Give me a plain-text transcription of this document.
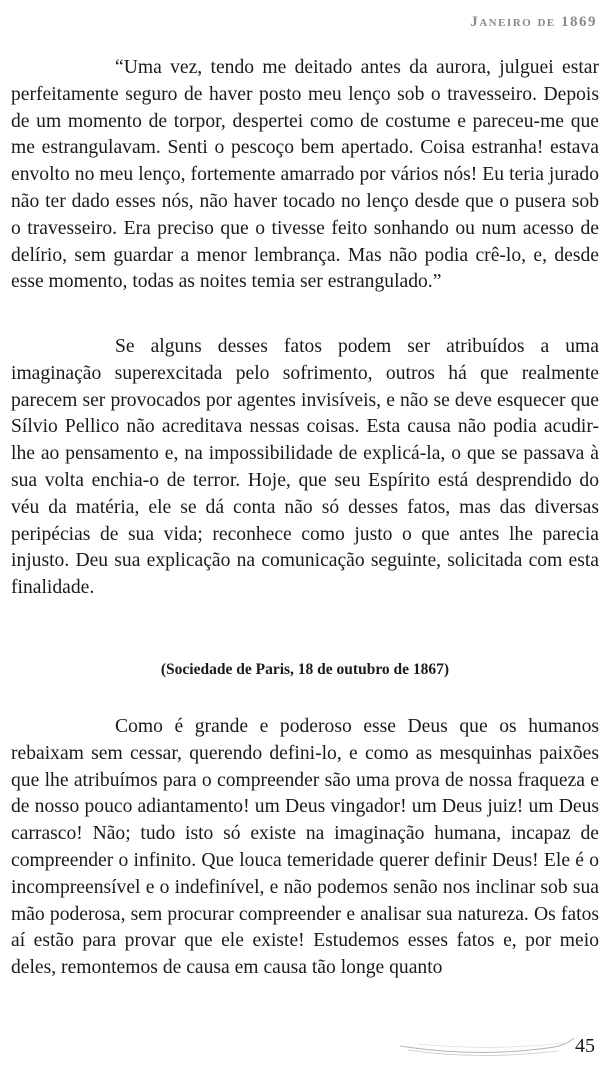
Janeiro de 1869

“Uma vez, tendo me deitado antes da aurora, julguei estar perfeitamente seguro de haver posto meu lenço sob o travesseiro. Depois de um momento de torpor, despertei como de costume e pareceu-me que me estrangulavam. Senti o pescoço bem apertado. Coisa estranha! estava envolto no meu lenço, fortemente amarrado por vários nós! Eu teria jurado não ter dado esses nós, não haver tocado no lenço desde que o pusera sob o travesseiro. Era preciso que o tivesse feito sonhando ou num acesso de delírio, sem guardar a menor lembrança. Mas não podia crê-lo, e, desde esse momento, todas as noites temia ser estrangulado.”

Se alguns desses fatos podem ser atribuídos a uma imaginação superexcitada pelo sofrimento, outros há que realmente parecem ser provocados por agentes invisíveis, e não se deve esquecer que Sílvio Pellico não acreditava nessas coisas. Esta causa não podia acudir-lhe ao pensamento e, na impossibilidade de explicá-la, o que se passava à sua volta enchia-o de terror. Hoje, que seu Espírito está desprendido do véu da matéria, ele se dá conta não só desses fatos, mas das diversas peripécias de sua vida; reconhece como justo o que antes lhe parecia injusto. Deu sua explicação na comunicação seguinte, solicitada com esta finalidade.

(Sociedade de Paris, 18 de outubro de 1867)

Como é grande e poderoso esse Deus que os humanos rebaixam sem cessar, querendo defini-lo, e como as mesquinhas paixões que lhe atribuímos para o compreender são uma prova de nossa fraqueza e de nosso pouco adiantamento! um Deus vingador! um Deus juiz! um Deus carrasco! Não; tudo isto só existe na imaginação humana, incapaz de compreender o infinito. Que louca temeridade querer definir Deus! Ele é o incompreensível e o indefinível, e não podemos senão nos inclinar sob sua mão poderosa, sem procurar compreender e analisar sua natureza. Os fatos aí estão para provar que ele existe! Estudemos esses fatos e, por meio deles, remontemos de causa em causa tão longe quanto

45
